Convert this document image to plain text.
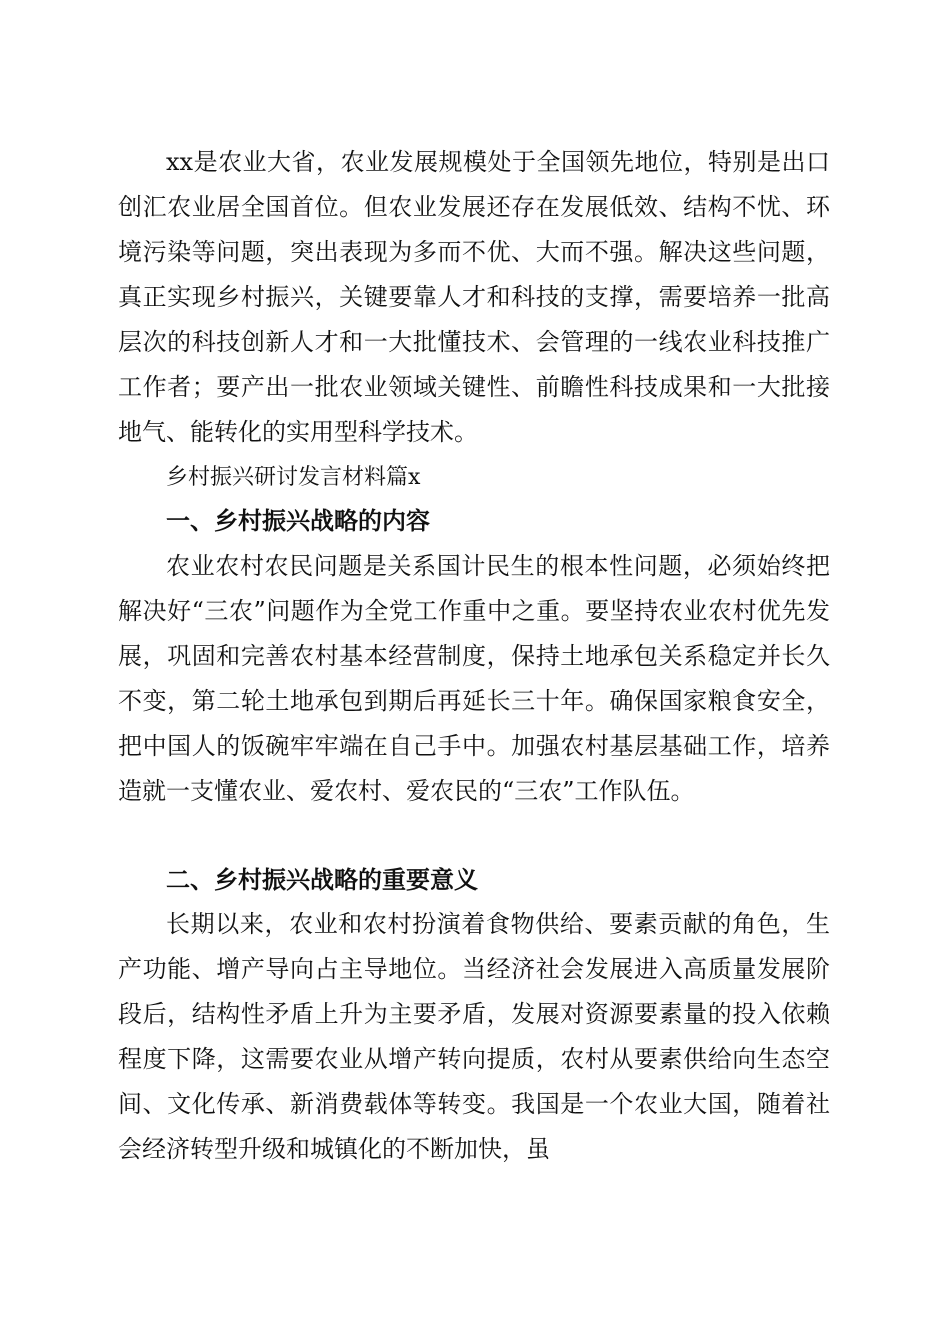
xx是农业大省，农业发展规模处于全国领先地位，特别是出口创汇农业居全国首位。但农业发展还存在发展低效、结构不忧、环境污染等问题，突出表现为多而不优、大而不强。解决这些问题，真正实现乡村振兴，关键要靠人才和科技的支撑，需要培养一批高层次的科技创新人才和一大批懂技术、会管理的一线农业科技推广工作者；要产出一批农业领域关键性、前瞻性科技成果和一大批接地气、能转化的实用型科学技术。

乡村振兴研讨发言材料篇x

一、乡村振兴战略的内容

农业农村农民问题是关系国计民生的根本性问题，必须始终把解决好“三农”问题作为全党工作重中之重。要坚持农业农村优先发展，巩固和完善农村基本经营制度，保持土地承包关系稳定并长久不变，第二轮土地承包到期后再延长三十年。确保国家粮食安全，把中国人的饭碗牢牢端在自己手中。加强农村基层基础工作，培养造就一支懂农业、爱农村、爱农民的“三农”工作队伍。

二、乡村振兴战略的重要意义

长期以来，农业和农村扮演着食物供给、要素贡献的角色，生产功能、增产导向占主导地位。当经济社会发展进入高质量发展阶段后，结构性矛盾上升为主要矛盾，发展对资源要素量的投入依赖程度下降，这需要农业从增产转向提质，农村从要素供给向生态空间、文化传承、新消费载体等转变。我国是一个农业大国，随着社会经济转型升级和城镇化的不断加快，虽
